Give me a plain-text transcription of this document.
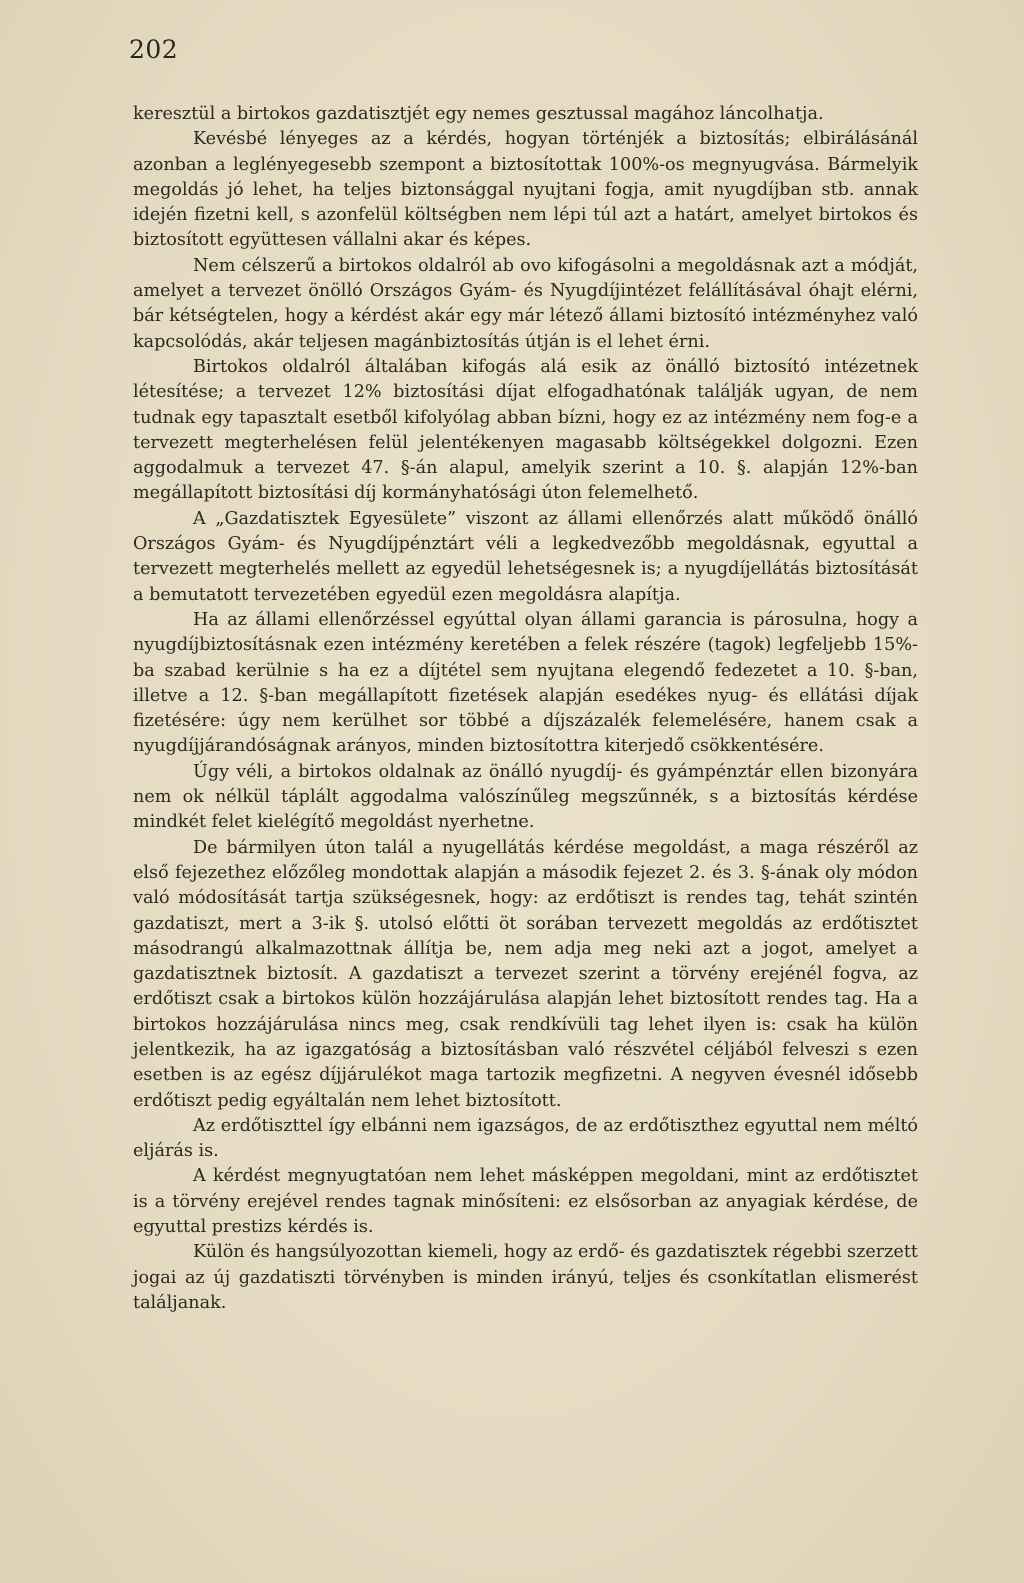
202

keresztül a birtokos gazdatisztjét egy nemes gesztussal magához láncolhatja.

Kevésbé lényeges az a kérdés, hogyan történjék a biztosítás; elbirálásánál azonban a leglényegesebb szempont a biztosítottak 100%-os megnyugvása. Bármelyik megoldás jó lehet, ha teljes biztonsággal nyujtani fogja, amit nyugdíjban stb. annak idején fizetni kell, s azonfelül költségben nem lépi túl azt a határt, amelyet birtokos és biztosított együttesen vállalni akar és képes.

Nem célszerű a birtokos oldalról ab ovo kifogásolni a megoldásnak azt a módját, amelyet a tervezet önölló Országos Gyám- és Nyugdíjintézet felállításával óhajt elérni, bár kétségtelen, hogy a kérdést akár egy már létező állami biztosító intézményhez való kapcsolódás, akár teljesen magánbiztosítás útján is el lehet érni.

Birtokos oldalról általában kifogás alá esik az önálló biztosító intézetnek létesítése; a tervezet 12% biztosítási díjat elfogadhatónak találják ugyan, de nem tudnak egy tapasztalt esetből kifolyólag abban bízni, hogy ez az intézmény nem fog-e a tervezett megterhelésen felül jelentékenyen magasabb költségekkel dolgozni. Ezen aggodalmuk a tervezet 47. §-án alapul, amelyik szerint a 10. §. alapján 12%-ban megállapított biztosítási díj kormányhatósági úton felemelhető.

A „Gazdatisztek Egyesülete” viszont az állami ellenőrzés alatt működő önálló Országos Gyám- és Nyugdíjpénztárt véli a legkedvezőbb megoldásnak, egyuttal a tervezett megterhelés mellett az egyedül lehetségesnek is; a nyugdíjellátás biztosítását a bemutatott tervezetében egyedül ezen megoldásra alapítja.

Ha az állami ellenőrzéssel egyúttal olyan állami garancia is párosulna, hogy a nyugdíjbiztosításnak ezen intézmény keretében a felek részére (tagok) legfeljebb 15%-ba szabad kerülnie s ha ez a díjtétel sem nyujtana elegendő fedezetet a 10. §-ban, illetve a 12. §-ban megállapított fizetések alapján esedékes nyug- és ellátási díjak fizetésére: úgy nem kerülhet sor többé a díjszázalék felemelésére, hanem csak a nyugdíjjárandóságnak arányos, minden biztosítottra kiterjedő csökkentésére.

Úgy véli, a birtokos oldalnak az önálló nyugdíj- és gyámpénztár ellen bizonyára nem ok nélkül táplált aggodalma valószínűleg megszűnnék, s a biztosítás kérdése mindkét felet kielégítő megoldást nyerhetne.

De bármilyen úton talál a nyugellátás kérdése megoldást, a maga részéről az első fejezethez előzőleg mondottak alapján a második fejezet 2. és 3. §-ának oly módon való módosítását tartja szükségesnek, hogy: az erdőtiszt is rendes tag, tehát szintén gazdatiszt, mert a 3-ik §. utolsó előtti öt sorában tervezett megoldás az erdőtisztet másodrangú alkalmazottnak állítja be, nem adja meg neki azt a jogot, amelyet a gazdatisztnek biztosít. A gazdatiszt a tervezet szerint a törvény erejénél fogva, az erdőtiszt csak a birtokos külön hozzájárulása alapján lehet biztosított rendes tag. Ha a birtokos hozzájárulása nincs meg, csak rendkívüli tag lehet ilyen is: csak ha külön jelentkezik, ha az igazgatóság a biztosításban való részvétel céljából felveszi s ezen esetben is az egész díjjárulékot maga tartozik megfizetni. A negyven évesnél idősebb erdőtiszt pedig egyáltalán nem lehet biztosított.

Az erdőtiszttel így elbánni nem igazságos, de az erdőtiszthez egyuttal nem méltó eljárás is.

A kérdést megnyugtatóan nem lehet másképpen megoldani, mint az erdőtisztet is a törvény erejével rendes tagnak minősíteni: ez elsősorban az anyagiak kérdése, de egyuttal prestizs kérdés is.

Külön és hangsúlyozottan kiemeli, hogy az erdő- és gazdatisztek régebbi szerzett jogai az új gazdatiszti törvényben is minden irányú, teljes és csonkítatlan elismerést találjanak.
